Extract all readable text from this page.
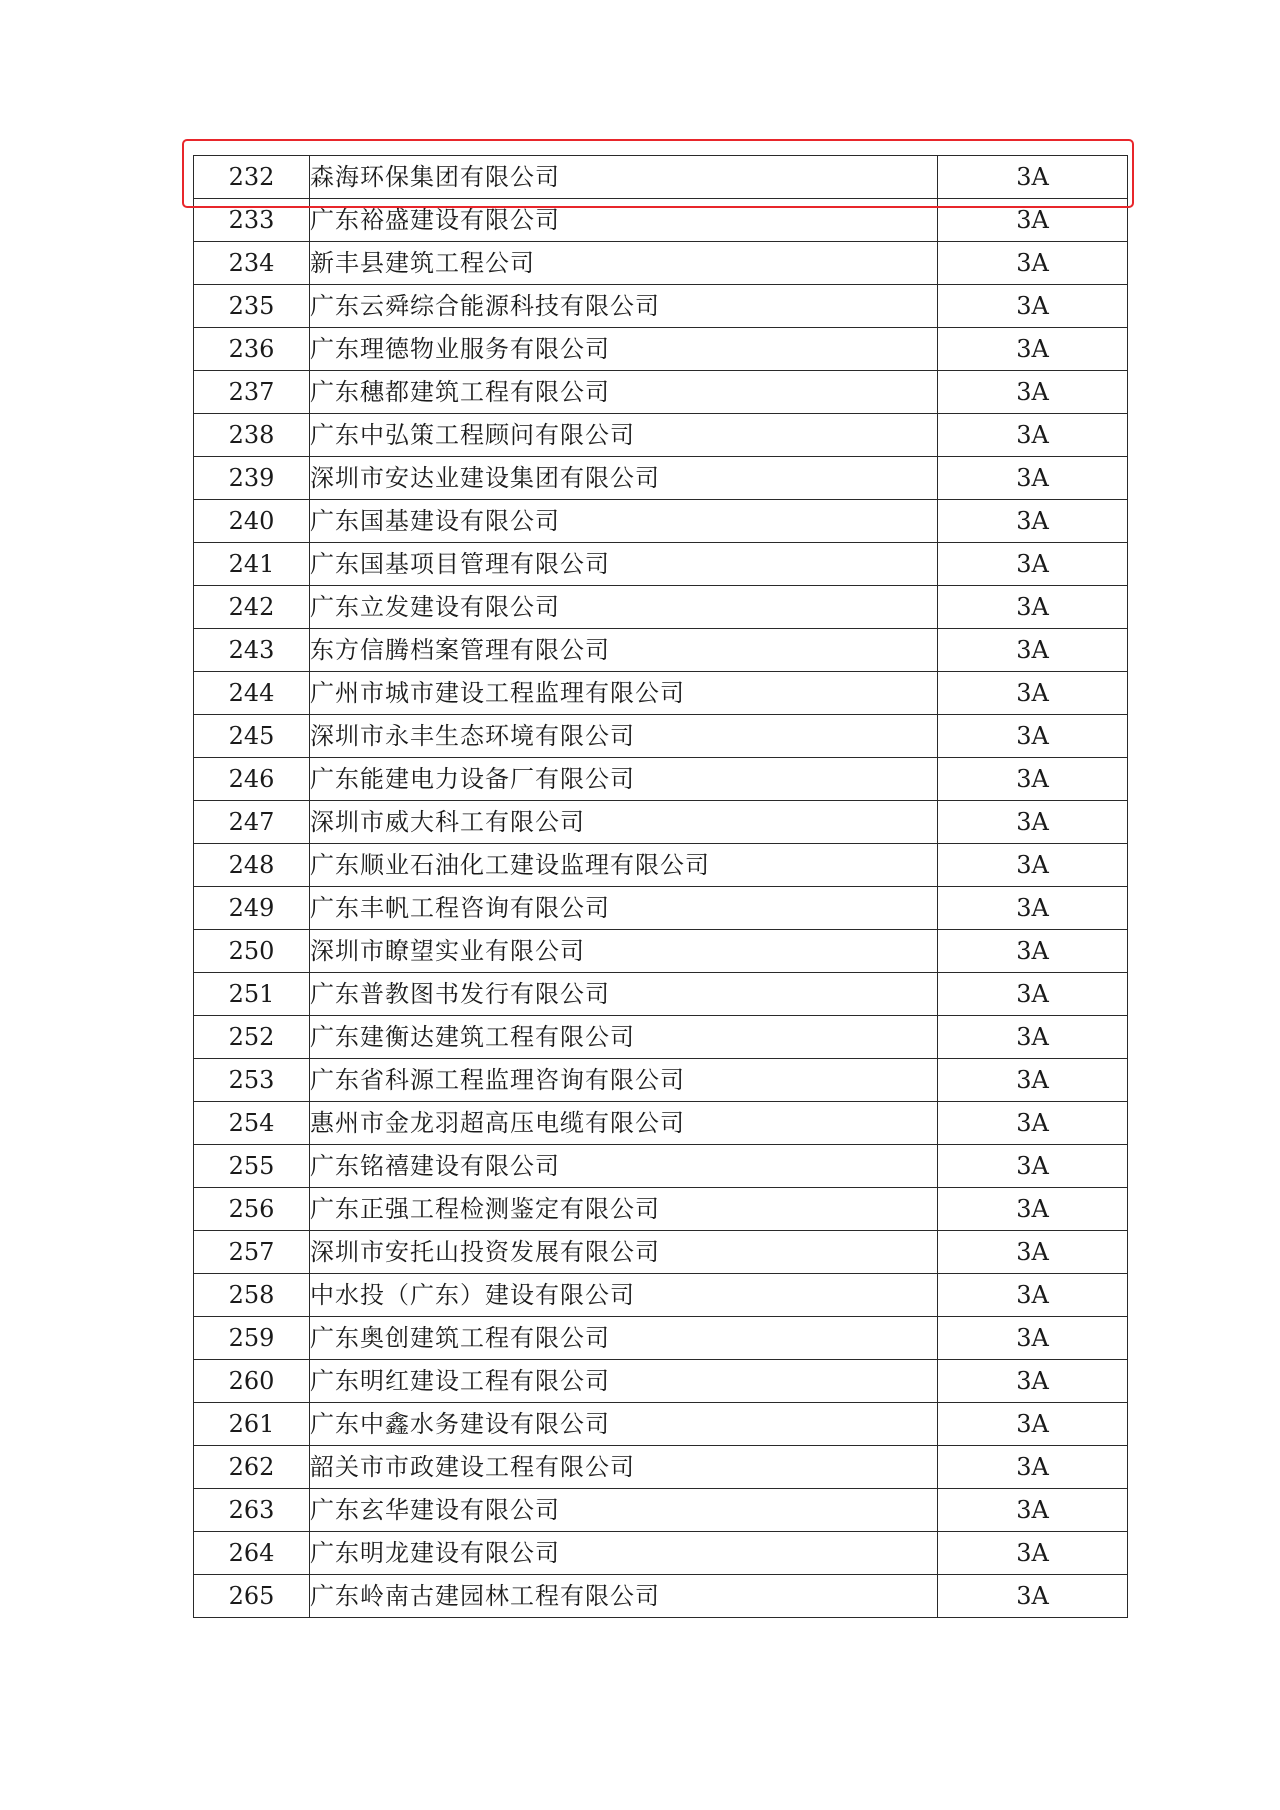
232	森海环保集团有限公司	3A
233	广东裕盛建设有限公司	3A
234	新丰县建筑工程公司	3A
235	广东云舜综合能源科技有限公司	3A
236	广东理德物业服务有限公司	3A
237	广东穗都建筑工程有限公司	3A
238	广东中弘策工程顾问有限公司	3A
239	深圳市安达业建设集团有限公司	3A
240	广东国基建设有限公司	3A
241	广东国基项目管理有限公司	3A
242	广东立发建设有限公司	3A
243	东方信腾档案管理有限公司	3A
244	广州市城市建设工程监理有限公司	3A
245	深圳市永丰生态环境有限公司	3A
246	广东能建电力设备厂有限公司	3A
247	深圳市威大科工有限公司	3A
248	广东顺业石油化工建设监理有限公司	3A
249	广东丰帆工程咨询有限公司	3A
250	深圳市瞭望实业有限公司	3A
251	广东普教图书发行有限公司	3A
252	广东建衡达建筑工程有限公司	3A
253	广东省科源工程监理咨询有限公司	3A
254	惠州市金龙羽超高压电缆有限公司	3A
255	广东铭禧建设有限公司	3A
256	广东正强工程检测鉴定有限公司	3A
257	深圳市安托山投资发展有限公司	3A
258	中水投（广东）建设有限公司	3A
259	广东奥创建筑工程有限公司	3A
260	广东明红建设工程有限公司	3A
261	广东中鑫水务建设有限公司	3A
262	韶关市市政建设工程有限公司	3A
263	广东玄华建设有限公司	3A
264	广东明龙建设有限公司	3A
265	广东岭南古建园林工程有限公司	3A
